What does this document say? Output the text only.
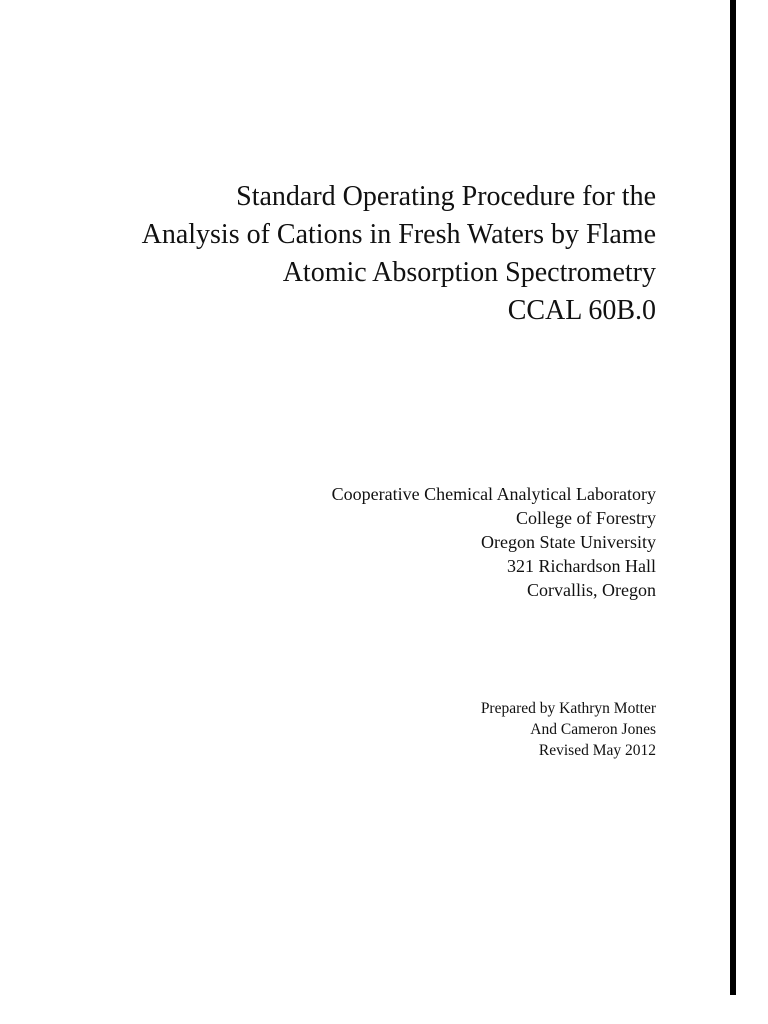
Standard Operating Procedure for the
Analysis of Cations in Fresh Waters by Flame
Atomic Absorption Spectrometry
CCAL 60B.0
Cooperative Chemical Analytical Laboratory
College of Forestry
Oregon State University
321 Richardson Hall
Corvallis, Oregon
Prepared by Kathryn Motter
And Cameron Jones
Revised May 2012
